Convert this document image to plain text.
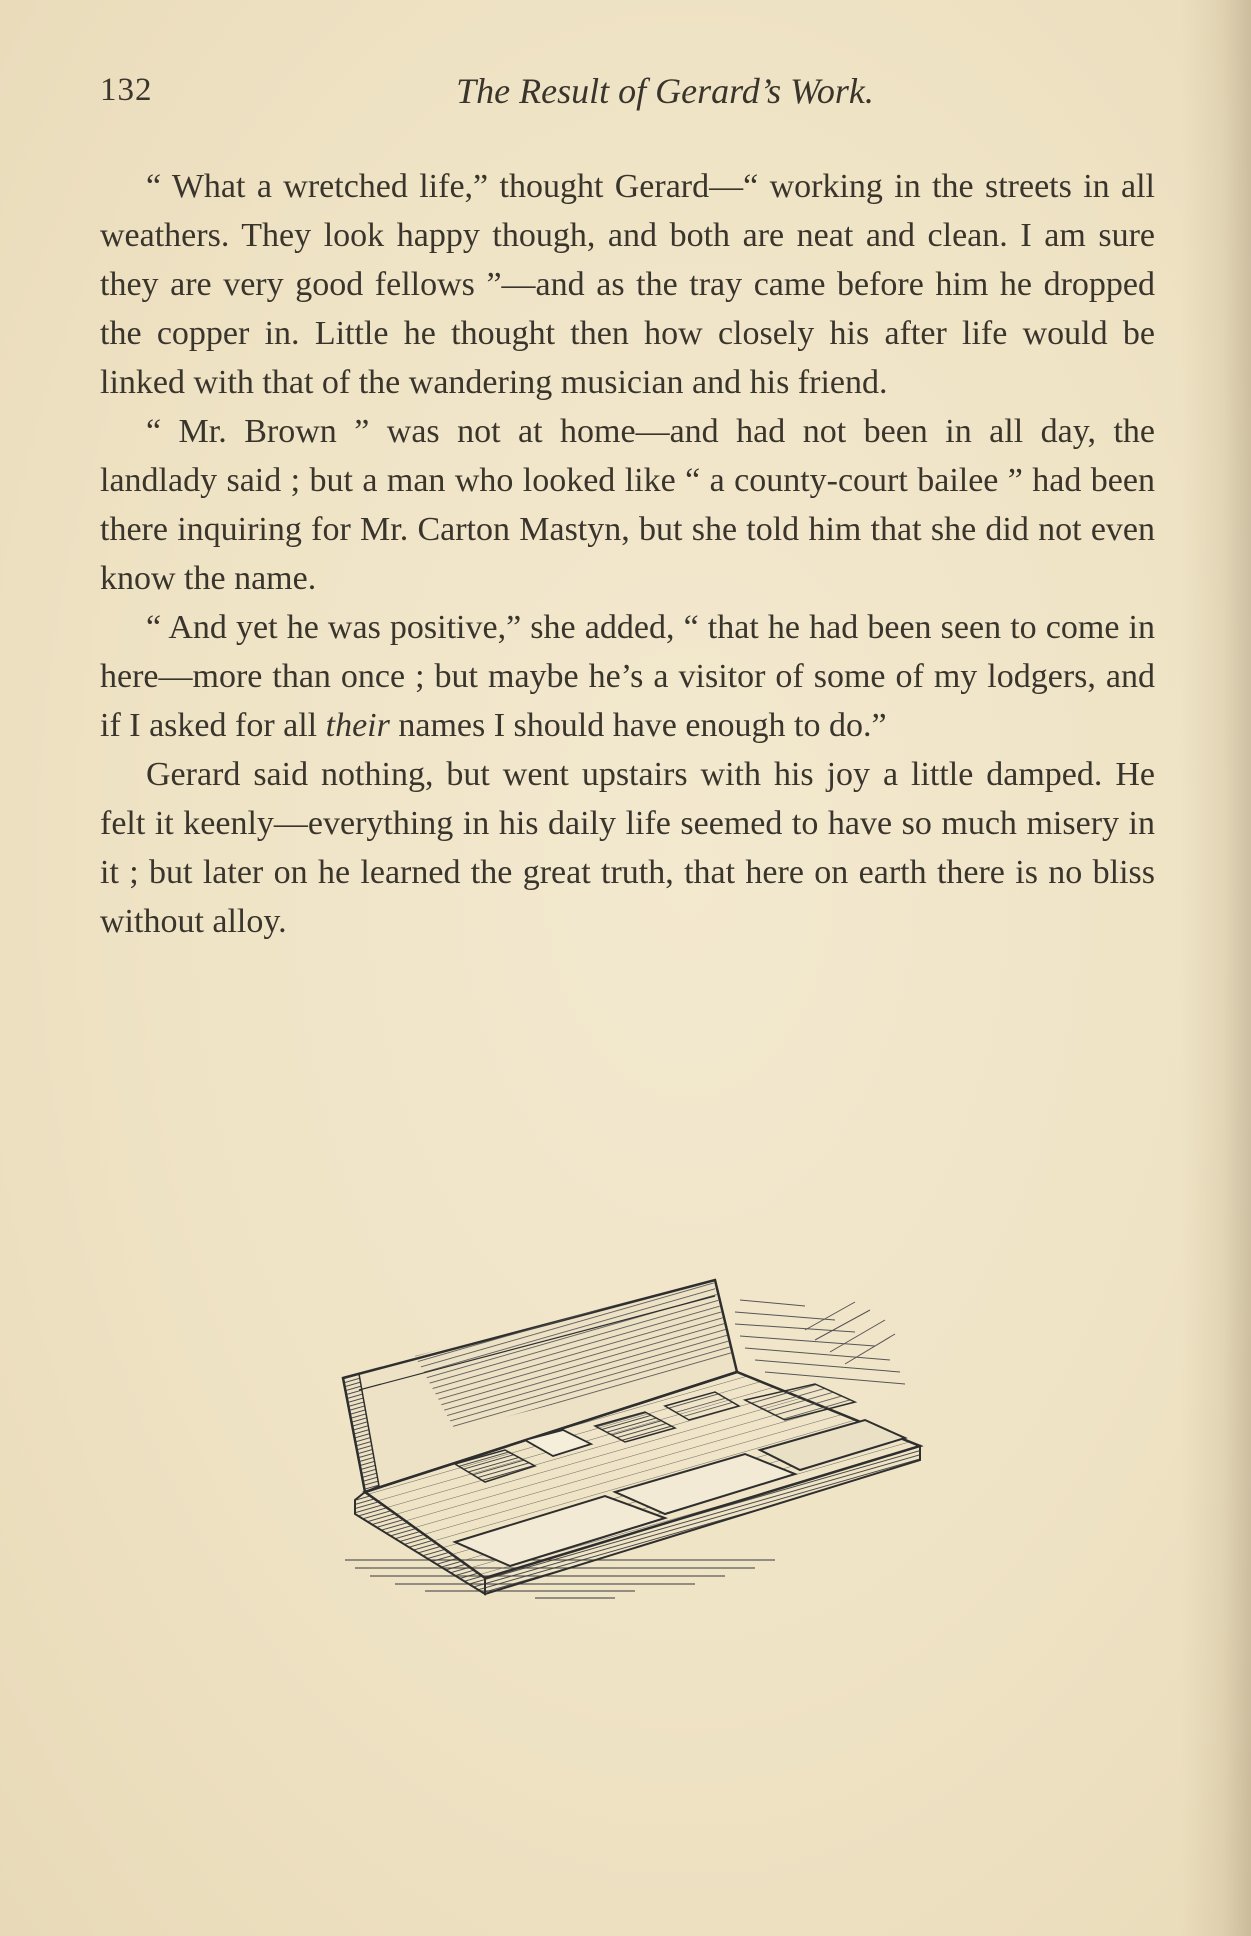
132	The Result of Gerard’s Work.

“ What a wretched life,” thought Gerard—“ working in the streets in all weathers. They look happy though, and both are neat and clean. I am sure they are very good fellows ”—and as the tray came before him he dropped the copper in. Little he thought then how closely his after life would be linked with that of the wandering musician and his friend.

“ Mr. Brown ” was not at home—and had not been in all day, the landlady said ; but a man who looked like “ a county-court bailee ” had been there inquiring for Mr. Carton Mastyn, but she told him that she did not even know the name.

“ And yet he was positive,” she added, “ that he had been seen to come in here—more than once ; but maybe he’s a visitor of some of my lodgers, and if I asked for all their names I should have enough to do.”

Gerard said nothing, but went upstairs with his joy a little damped. He felt it keenly—everything in his daily life seemed to have so much misery in it ; but later on he learned the great truth, that here on earth there is no bliss without alloy.
